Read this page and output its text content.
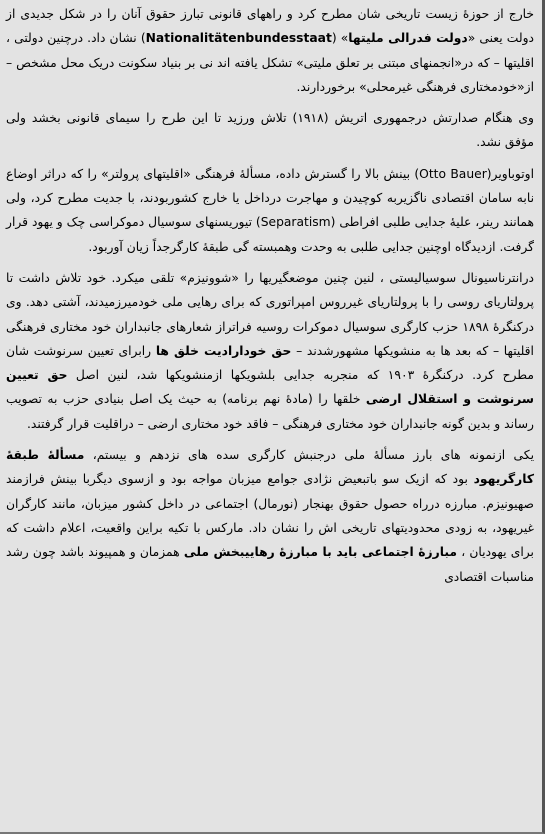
خارج از حوزهٔ زیست تاریخی شان مطرح کرد و راههای قانونی تبارز حقوق آنان را در شکل جدیدی از دولت یعنی «دولت فدرالی ملیتها» (Nationalitätenbundesstaat) نشان داد. درچنین دولتی ، اقلیتها – که در«انجمنهای مبتنی بر تعلق ملیتی» تشکل یافته اند نی بر بنیاد سکونت دریک محل مشخص – از«خودمختاری فرهنگی غیرمحلی» برخوردارند.

وی هنگام صدارتش درجمهوری اتریش (۱۹۱۸) تلاش ورزید تا این طرح را سیمای قانونی بخشد ولی مؤفق نشد.

اوتوباویر(Otto Bauer) بینش بالا را گسترش داده، مسألهٔ فرهنگی «اقلیتهای پرولتر» را که دراثر اوضاع نابه سامان اقتصادی ناگزیربه کوچیدن و مهاجرت درداخل یا خارج کشوربودند، با جدیت مطرح کرد، ولی همانند رینر، علیهٔ جدایی طلبی افراطی (Separatism) تیوریسنهای سوسیال دموکراسی چک و یهود قرار گرفت. ازدیدگاه اوچنین جدایی طلبی به وحدت وهمبسته گی طبقهٔ کارگرجداً زیان آوربود.

درانترناسیونال سوسیالیستی ، لنین چنین موضعگیریها را «شوونیزم» تلقی میکرد. خود تلاش داشت تا پرولتاریای روسی را با پرولتاریای غیرروس امپراتوری که برای رهایی ملی خودمیرزمیدند، آشتی دهد. وی درکنگرهٔ ۱۸۹۸ حزب کارگری سوسیال دموکرات روسیه فراتراز شعارهای جانبداران خود مختاری فرهنگی اقلیتها – که بعد ها به منشویکها مشهورشدند – حق خودارادیت خلق ها رابرای تعیین سرنوشت شان مطرح کرد. درکنگرهٔ ۱۹۰۳ که منجربه جدایی بلشویکها ازمنشویکها شد، لنین اصل حق تعیین سرنوشت و استقلال ارضی خلقها را (مادهٔ نهم برنامه) به حیث یک اصل بنیادی حزب به تصویب رساند و بدین گونه جانبداران خود مختاری فرهنگی – فاقد خود مختاری ارضی – دراقلیت قرار گرفتند.

یکی ازنمونه های بارز مسألهٔ ملی درجنبش کارگری سده های نزدهم و بیستم، مسألهٔ طبقهٔ کارگریهود بود که ازیک سو باتبعیض نژادی جوامع میزبان مواجه بود و ازسوی دیگربا بینش فرازمند صهیونیزم. مبارزه درراه حصول حقوق بهنجار (نورمال) اجتماعی در داخل کشور میزبان، مانند کارگران غیریهود، به زودی محدودیتهای تاریخی اش را نشان داد. مارکس با تکیه براین واقعیت، اعلام داشت که برای یهودیان ، مبارزهٔ اجتماعی باید با مبارزهٔ رهاییبخش ملی همزمان و همپیوند باشد چون رشد مناسبات اقتصادی
